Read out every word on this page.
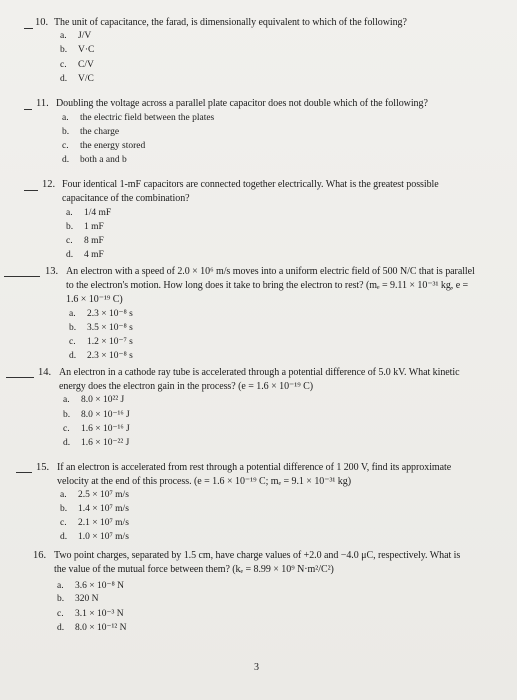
10. The unit of capacitance, the farad, is dimensionally equivalent to which of the following?
a. J/V
b. V·C
c. C/V
d. V/C
11. Doubling the voltage across a parallel plate capacitor does not double which of the following?
a. the electric field between the plates
b. the charge
c. the energy stored
d. both a and b
12. Four identical 1-mF capacitors are connected together electrically. What is the greatest possible
capacitance of the combination?
a. 1/4 mF
b. 1 mF
c. 8 mF
d. 4 mF
13. An electron with a speed of 2.0 × 10⁶ m/s moves into a uniform electric field of 500 N/C that is parallel
to the electron's motion. How long does it take to bring the electron to rest? (mₑ = 9.11 × 10⁻³¹ kg, e =
1.6 × 10⁻¹⁹ C)
a. 2.3 × 10⁻⁸ s
b. 3.5 × 10⁻⁸ s
c. 1.2 × 10⁻⁷ s
d. 2.3 × 10⁻⁸ s
14. An electron in a cathode ray tube is accelerated through a potential difference of 5.0 kV. What kinetic
energy does the electron gain in the process? (e = 1.6 × 10⁻¹⁹ C)
a. 8.0 × 10²² J
b. 8.0 × 10⁻¹⁶ J
c. 1.6 × 10⁻¹⁶ J
d. 1.6 × 10⁻²² J
15. If an electron is accelerated from rest through a potential difference of 1 200 V, find its approximate
velocity at the end of this process. (e = 1.6 × 10⁻¹⁹ C; mₑ = 9.1 × 10⁻³¹ kg)
a. 2.5 × 10⁷ m/s
b. 1.4 × 10⁷ m/s
c. 2.1 × 10⁷ m/s
d. 1.0 × 10⁷ m/s
16. Two point charges, separated by 1.5 cm, have charge values of +2.0 and −4.0 μC, respectively. What is
the value of the mutual force between them? (kₑ = 8.99 × 10⁹ N·m²/C²)
a. 3.6 × 10⁻⁸ N
b. 320 N
c. 3.1 × 10⁻³ N
d. 8.0 × 10⁻¹² N
3
